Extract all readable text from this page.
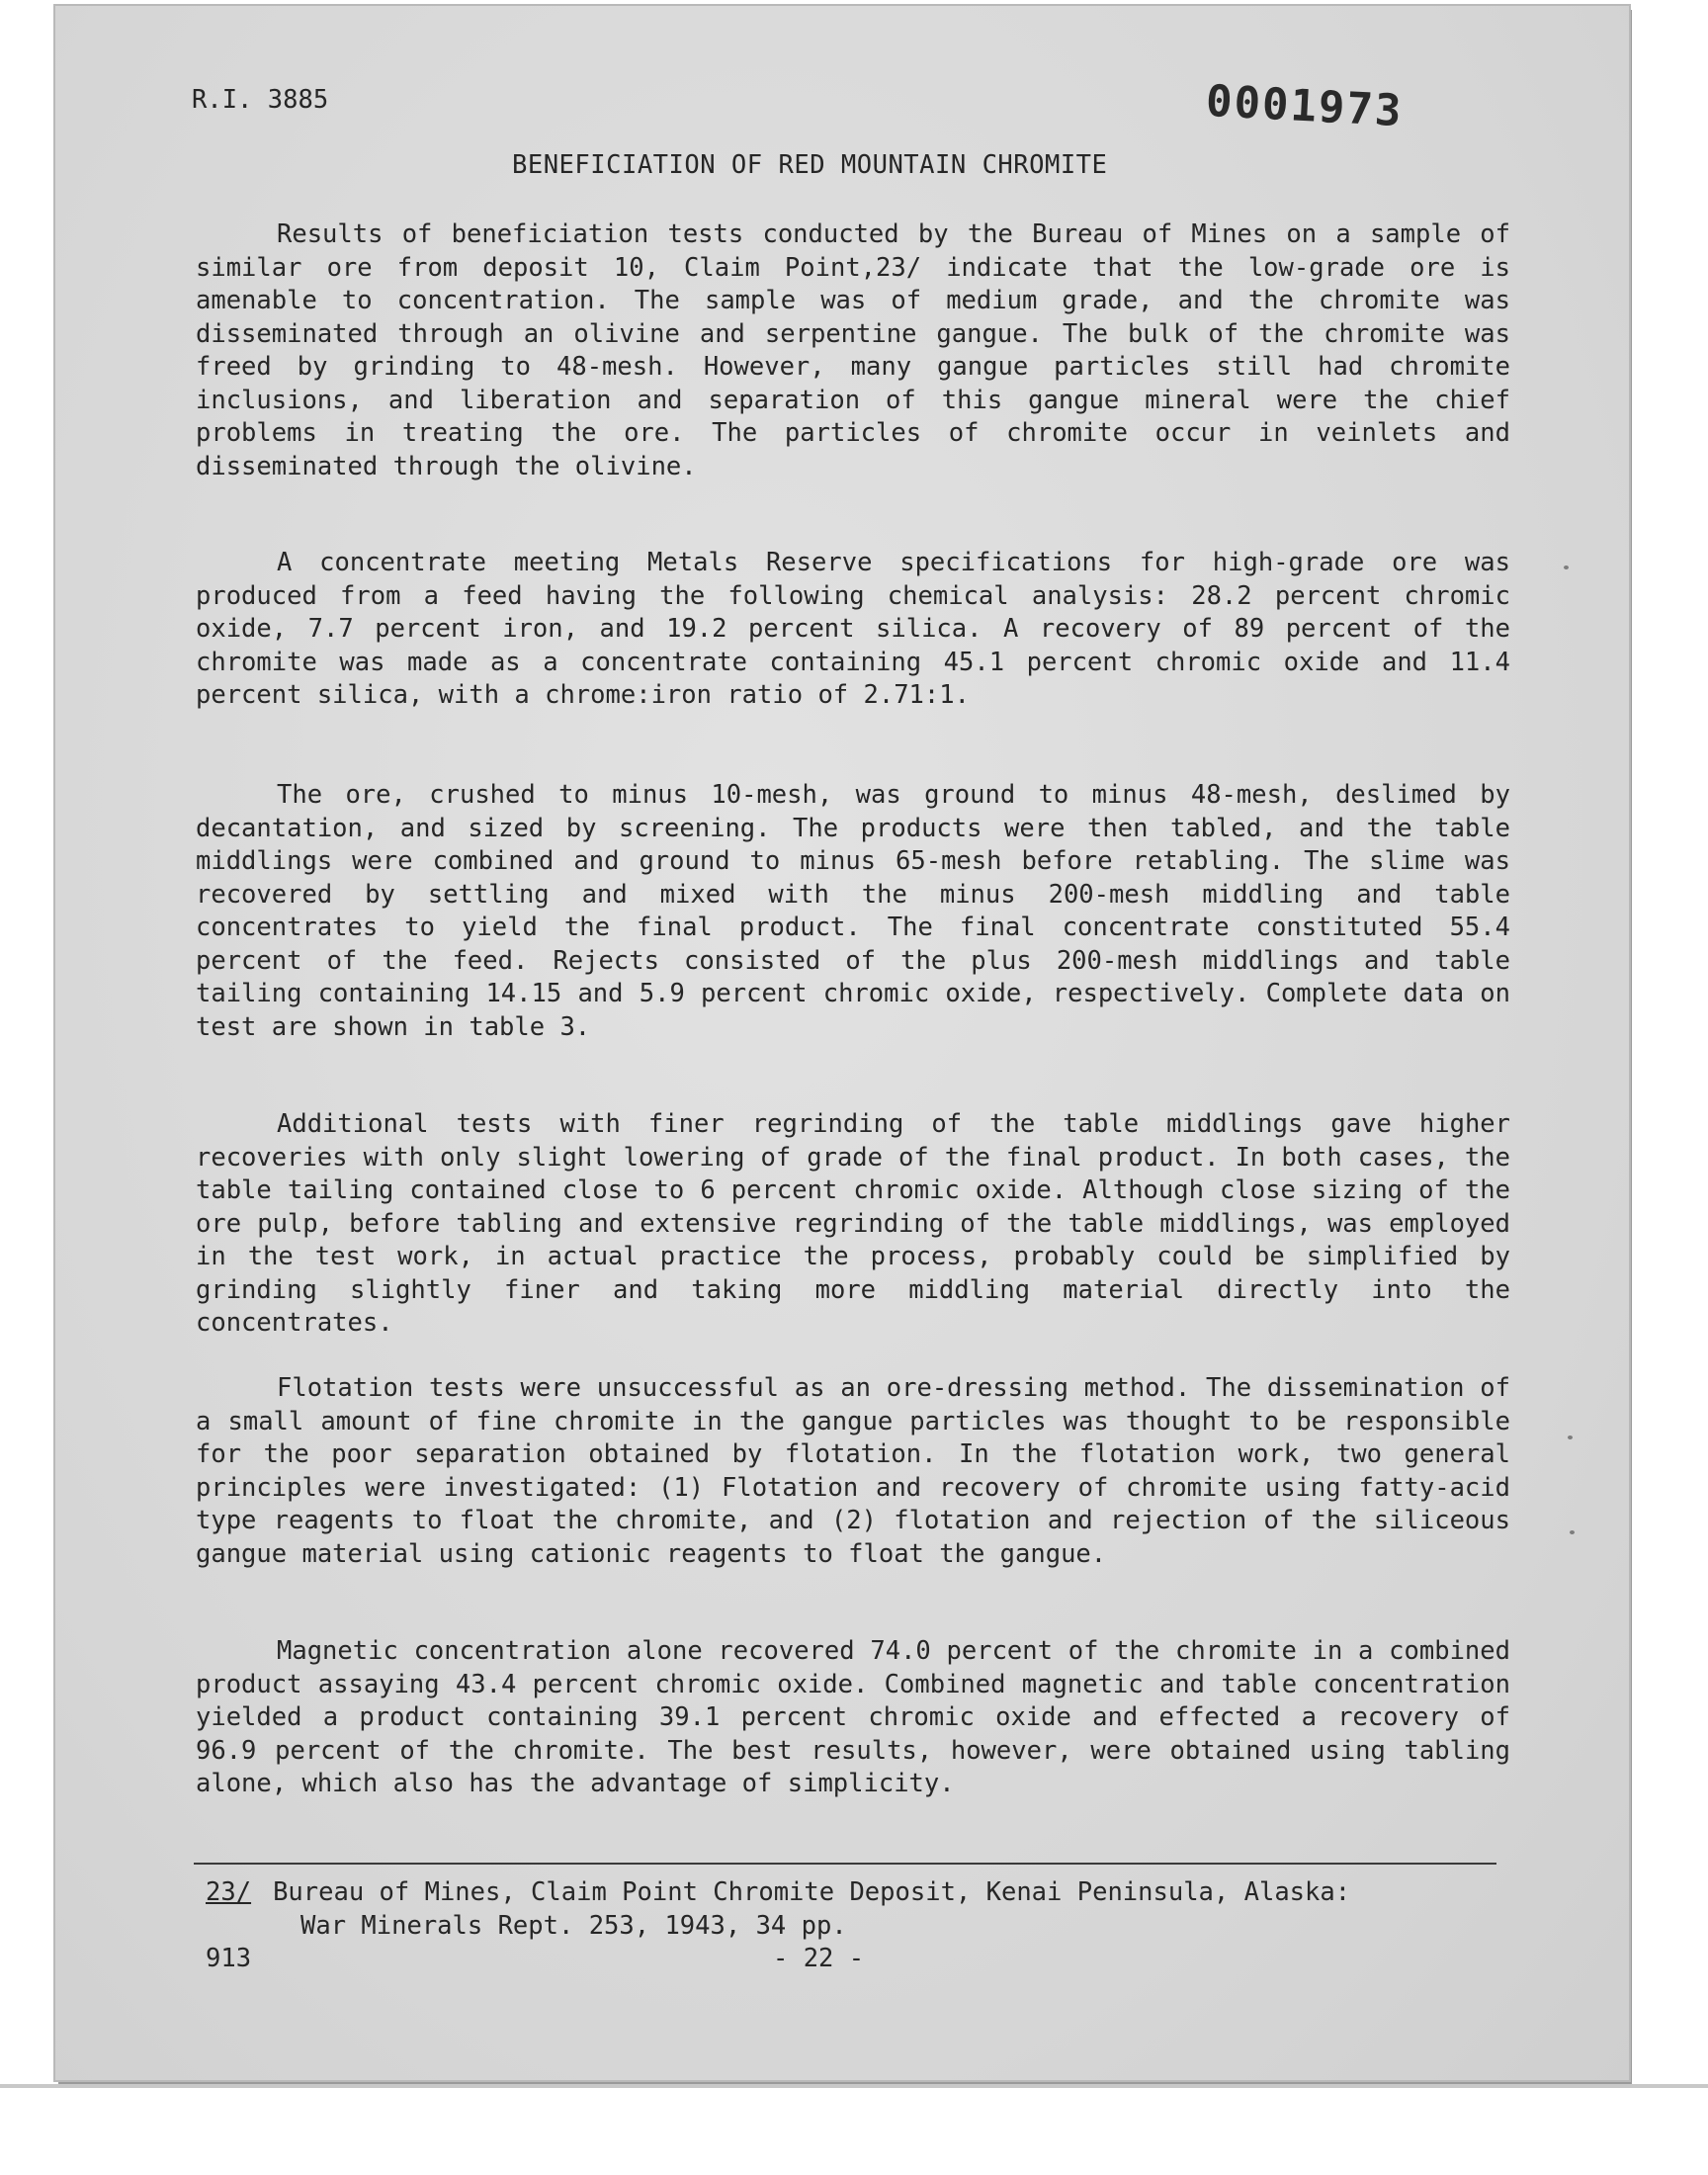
R.I. 3885	0001973
BENEFICIATION OF RED MOUNTAIN CHROMITE

Results of beneficiation tests conducted by the Bureau of Mines on a sample of similar ore from deposit 10, Claim Point,23/ indicate that the low-grade ore is amenable to concentration. The sample was of medium grade, and the chromite was disseminated through an olivine and serpentine gangue. The bulk of the chromite was freed by grinding to 48-mesh. However, many gangue particles still had chromite inclusions, and liberation and separation of this gangue mineral were the chief problems in treating the ore. The particles of chromite occur in veinlets and disseminated through the olivine.

A concentrate meeting Metals Reserve specifications for high-grade ore was produced from a feed having the following chemical analysis: 28.2 percent chromic oxide, 7.7 percent iron, and 19.2 percent silica. A recovery of 89 percent of the chromite was made as a concentrate containing 45.1 percent chromic oxide and 11.4 percent silica, with a chrome:iron ratio of 2.71:1.

The ore, crushed to minus 10-mesh, was ground to minus 48-mesh, deslimed by decantation, and sized by screening. The products were then tabled, and the table middlings were combined and ground to minus 65-mesh before retabling. The slime was recovered by settling and mixed with the minus 200-mesh middling and table concentrates to yield the final product. The final concentrate constituted 55.4 percent of the feed. Rejects consisted of the plus 200-mesh middlings and table tailing containing 14.15 and 5.9 percent chromic oxide, respectively. Complete data on test are shown in table 3.

Additional tests with finer regrinding of the table middlings gave higher recoveries with only slight lowering of grade of the final product. In both cases, the table tailing contained close to 6 percent chromic oxide. Although close sizing of the ore pulp, before tabling and extensive regrinding of the table middlings, was employed in the test work, in actual practice the process, probably could be simplified by grinding slightly finer and taking more middling material directly into the concentrates.

Flotation tests were unsuccessful as an ore-dressing method. The dissemination of a small amount of fine chromite in the gangue particles was thought to be responsible for the poor separation obtained by flotation. In the flotation work, two general principles were investigated: (1) Flotation and recovery of chromite using fatty-acid type reagents to float the chromite, and (2) flotation and rejection of the siliceous gangue material using cationic reagents to float the gangue.

Magnetic concentration alone recovered 74.0 percent of the chromite in a combined product assaying 43.4 percent chromic oxide. Combined magnetic and table concentration yielded a product containing 39.1 percent chromic oxide and effected a recovery of 96.9 percent of the chromite. The best results, however, were obtained using tabling alone, which also has the advantage of simplicity.

23/ Bureau of Mines, Claim Point Chromite Deposit, Kenai Peninsula, Alaska:
War Minerals Rept. 253, 1943, 34 pp.
913	- 22 -
